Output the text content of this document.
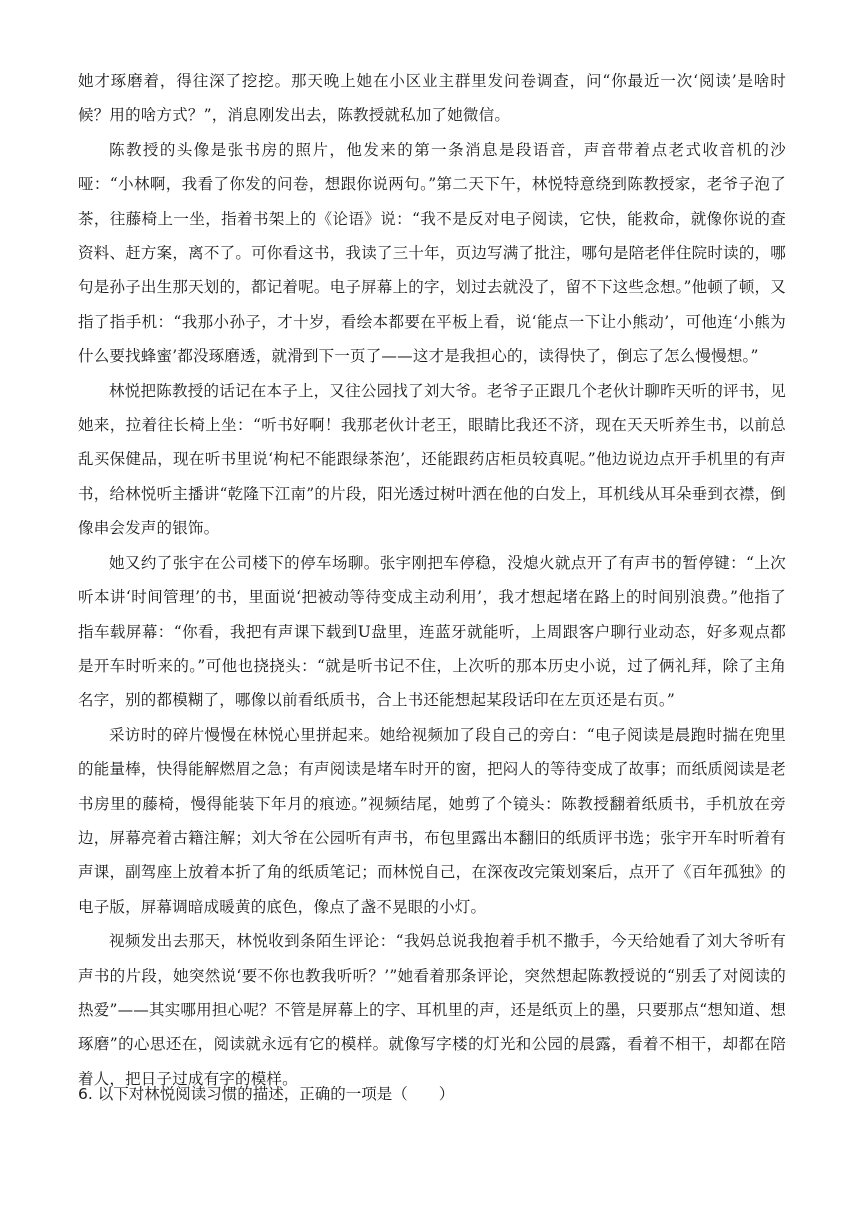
她才琢磨着，得往深了挖挖。那天晚上她在小区业主群里发问卷调查，问“你最近一次‘阅读’是啥时候？用的啥方式？”，消息刚发出去，陈教授就私加了她微信。

陈教授的头像是张书房的照片，他发来的第一条消息是段语音，声音带着点老式收音机的沙哑：“小林啊，我看了你发的问卷，想跟你说两句。”第二天下午，林悦特意绕到陈教授家，老爷子泡了茶，往藤椅上一坐，指着书架上的《论语》说：“我不是反对电子阅读，它快，能救命，就像你说的查资料、赶方案，离不了。可你看这书，我读了三十年，页边写满了批注，哪句是陪老伴住院时读的，哪句是孙子出生那天划的，都记着呢。电子屏幕上的字，划过去就没了，留不下这些念想。”他顿了顿，又指了指手机：“我那小孙子，才十岁，看绘本都要在平板上看，说‘能点一下让小熊动’，可他连‘小熊为什么要找蜂蜜’都没琢磨透，就滑到下一页了——这才是我担心的，读得快了，倒忘了怎么慢慢想。”

林悦把陈教授的话记在本子上，又往公园找了刘大爷。老爷子正跟几个老伙计聊昨天听的评书，见她来，拉着往长椅上坐：“听书好啊！我那老伙计老王，眼睛比我还不济，现在天天听养生书，以前总乱买保健品，现在听书里说‘枸杞不能跟绿茶泡’，还能跟药店柜员较真呢。”他边说边点开手机里的有声书，给林悦听主播讲“乾隆下江南”的片段，阳光透过树叶洒在他的白发上，耳机线从耳朵垂到衣襟，倒像串会发声的银饰。

她又约了张宇在公司楼下的停车场聊。张宇刚把车停稳，没熄火就点开了有声书的暂停键：“上次听本讲‘时间管理’的书，里面说‘把被动等待变成主动利用’，我才想起堵在路上的时间别浪费。”他指了指车载屏幕：“你看，我把有声课下载到U盘里，连蓝牙就能听，上周跟客户聊行业动态，好多观点都是开车时听来的。”可他也挠挠头：“就是听书记不住，上次听的那本历史小说，过了俩礼拜，除了主角名字，别的都模糊了，哪像以前看纸质书，合上书还能想起某段话印在左页还是右页。”

采访时的碎片慢慢在林悦心里拼起来。她给视频加了段自己的旁白：“电子阅读是晨跑时揣在兜里的能量棒，快得能解燃眉之急；有声阅读是堵车时开的窗，把闷人的等待变成了故事；而纸质阅读是老书房里的藤椅，慢得能装下年月的痕迹。”视频结尾，她剪了个镜头：陈教授翻着纸质书，手机放在旁边，屏幕亮着古籍注解；刘大爷在公园听有声书，布包里露出本翻旧的纸质评书选；张宇开车时听着有声课，副驾座上放着本折了角的纸质笔记；而林悦自己，在深夜改完策划案后，点开了《百年孤独》的电子版，屏幕调暗成暖黄的底色，像点了盏不晃眼的小灯。

视频发出去那天，林悦收到条陌生评论：“我妈总说我抱着手机不撒手，今天给她看了刘大爷听有声书的片段，她突然说‘要不你也教我听听？’”她看着那条评论，突然想起陈教授说的“别丢了对阅读的热爱”——其实哪用担心呢？不管是屏幕上的字、耳机里的声，还是纸页上的墨，只要那点“想知道、想琢磨”的心思还在，阅读就永远有它的模样。就像写字楼的灯光和公园的晨露，看着不相干，却都在陪着人，把日子过成有字的模样。

6. 以下对林悦阅读习惯的描述，正确的一项是（　　）
